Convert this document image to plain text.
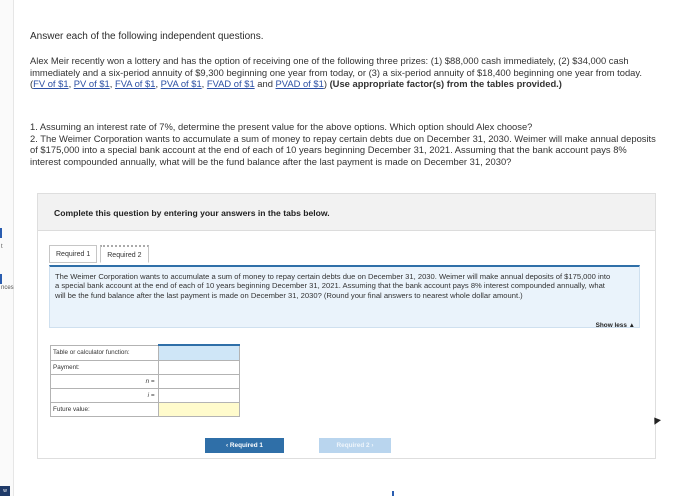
t
nces
w
Answer each of the following independent questions.
Alex Meir recently won a lottery and has the option of receiving one of the following three prizes: (1) $88,000 cash immediately, (2) $34,000 cash immediately and a six-period annuity of $9,300 beginning one year from today, or (3) a six-period annuity of $18,400 beginning one year from today. (FV of $1, PV of $1, FVA of $1, PVA of $1, FVAD of $1 and PVAD of $1) (Use appropriate factor(s) from the tables provided.)
1. Assuming an interest rate of 7%, determine the present value for the above options. Which option should Alex choose?
2. The Weimer Corporation wants to accumulate a sum of money to repay certain debts due on December 31, 2030. Weimer will make annual deposits of $175,000 into a special bank account at the end of each of 10 years beginning December 31, 2021. Assuming that the bank account pays 8% interest compounded annually, what will be the fund balance after the last payment is made on December 31, 2030?
Complete this question by entering your answers in the tabs below.
Required 1	Required 2
The Weimer Corporation wants to accumulate a sum of money to repay certain debts due on December 31, 2030. Weimer will make annual deposits of $175,000 into a special bank account at the end of each of 10 years beginning December 31, 2021. Assuming that the bank account pays 8% interest compounded annually, what will be the fund balance after the last payment is made on December 31, 2030? (Round your final answers to nearest whole dollar amount.)
Show less ▲
Table or calculator function:	
Payment:	
n =	
i =	
Future value:	
‹ Required 1	Required 2 ›
